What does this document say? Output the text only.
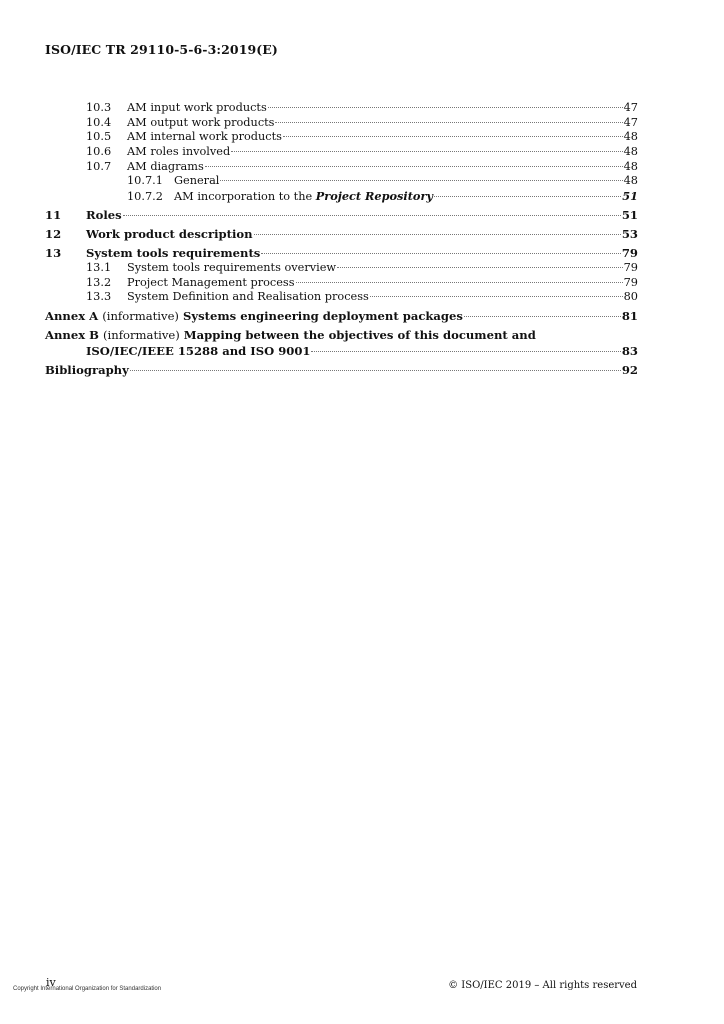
ISO/IEC TR 29110-5-6-3:2019(E)
10.3	AM input work products	47
10.4	AM output work products	47
10.5	AM internal work products	48
10.6	AM roles involved	48
10.7	AM diagrams	48
10.7.1 General	48
10.7.2 AM incorporation to the Project Repository	51
11	Roles	51
12	Work product description	53
13	System tools requirements	79
13.1	System tools requirements overview	79
13.2	Project Management process	79
13.3	System Definition and Realisation process	80
Annex A (informative) Systems engineering deployment packages	81
Annex B (informative) Mapping between the objectives of this document and
ISO/IEC/IEEE 15288 and ISO 9001	83
Bibliography	92
iv
Copyright International Organization for Standardization	© ISO/IEC 2019 – All rights reserved
